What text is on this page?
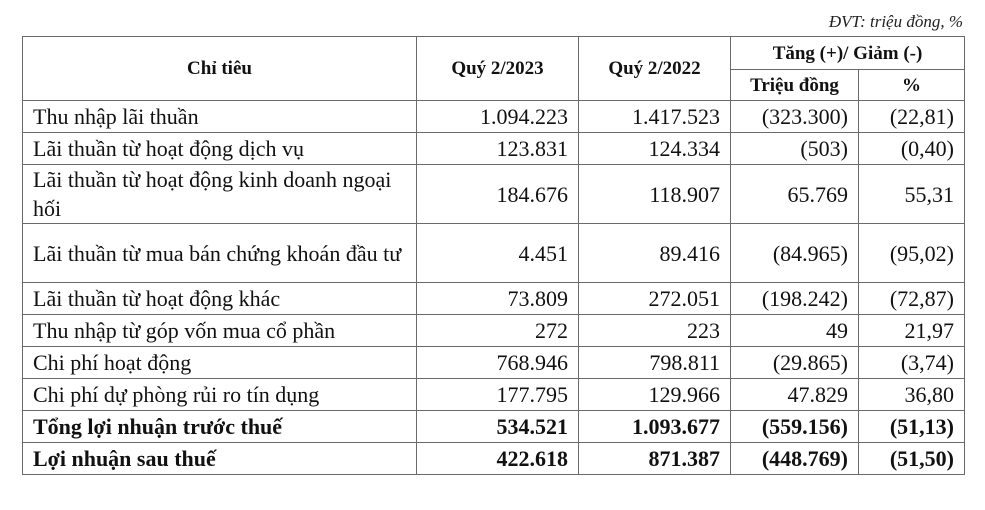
ĐVT: triệu đồng, %
Chỉ tiêu	Quý 2/2023	Quý 2/2022	Tăng (+)/ Giảm (-)	
			Triệu đồng	%
Thu nhập lãi thuần	1.094.223	1.417.523	(323.300)	(22,81)
Lãi thuần từ hoạt động dịch vụ	123.831	124.334	(503)	(0,40)
Lãi thuần từ hoạt động kinh doanh ngoại hối	184.676	118.907	65.769	55,31
Lãi thuần từ mua bán chứng khoán đầu tư	4.451	89.416	(84.965)	(95,02)
Lãi thuần từ hoạt động khác	73.809	272.051	(198.242)	(72,87)
Thu nhập từ góp vốn mua cổ phần	272	223	49	21,97
Chi phí hoạt động	768.946	798.811	(29.865)	(3,74)
Chi phí dự phòng rủi ro tín dụng	177.795	129.966	47.829	36,80
Tổng lợi nhuận trước thuế	534.521	1.093.677	(559.156)	(51,13)
Lợi nhuận sau thuế	422.618	871.387	(448.769)	(51,50)
